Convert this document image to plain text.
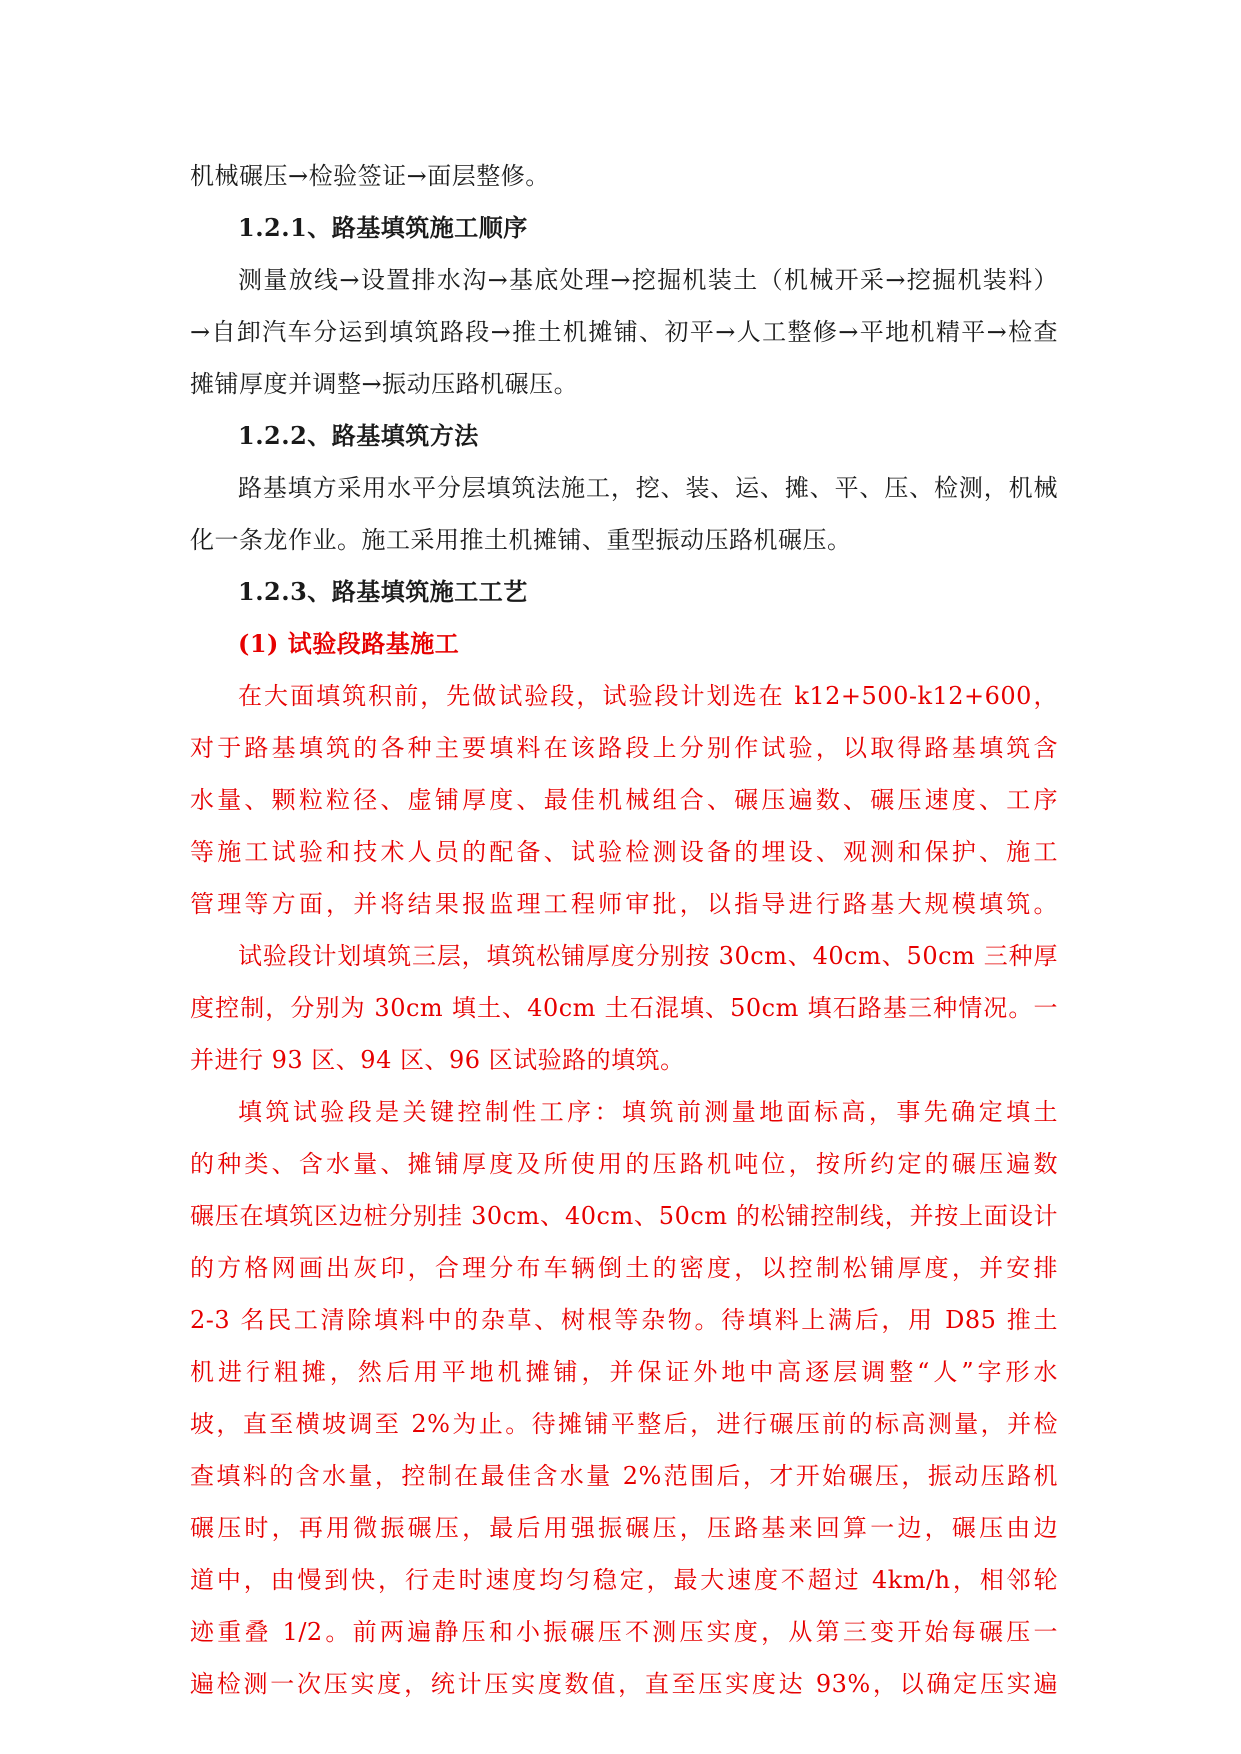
机械碾压→检验签证→面层整修。
1.2.1、路基填筑施工顺序
测量放线→设置排水沟→基底处理→挖掘机装土（机械开采→挖掘机装料）
→自卸汽车分运到填筑路段→推土机摊铺、初平→人工整修→平地机精平→检查
摊铺厚度并调整→振动压路机碾压。
1.2.2、路基填筑方法
路基填方采用水平分层填筑法施工，挖、装、运、摊、平、压、检测，机械
化一条龙作业。施工采用推土机摊铺、重型振动压路机碾压。
1.2.3、路基填筑施工工艺
(1) 试验段路基施工
在大面填筑积前，先做试验段，试验段计划选在 k12+500-k12+600，
对于路基填筑的各种主要填料在该路段上分别作试验，以取得路基填筑含
水量、颗粒粒径、虚铺厚度、最佳机械组合、碾压遍数、碾压速度、工序
等施工试验和技术人员的配备、试验检测设备的埋设、观测和保护、施工
管理等方面，并将结果报监理工程师审批，以指导进行路基大规模填筑。
试验段计划填筑三层，填筑松铺厚度分别按 30cm、40cm、50cm 三种厚
度控制，分别为 30cm 填土、40cm 土石混填、50cm 填石路基三种情况。一
并进行 93 区、94 区、96 区试验路的填筑。
填筑试验段是关键控制性工序：填筑前测量地面标高，事先确定填土
的种类、含水量、摊铺厚度及所使用的压路机吨位，按所约定的碾压遍数
碾压在填筑区边桩分别挂 30cm、40cm、50cm 的松铺控制线，并按上面设计
的方格网画出灰印，合理分布车辆倒土的密度，以控制松铺厚度，并安排
2-3 名民工清除填料中的杂草、树根等杂物。待填料上满后，用 D85 推土
机进行粗摊，然后用平地机摊铺，并保证外地中高逐层调整“人”字形水
坡，直至横坡调至 2%为止。待摊铺平整后，进行碾压前的标高测量，并检
查填料的含水量，控制在最佳含水量 2%范围后，才开始碾压，振动压路机
碾压时，再用微振碾压，最后用强振碾压，压路基来回算一边，碾压由边
道中，由慢到快，行走时速度均匀稳定，最大速度不超过 4km/h，相邻轮
迹重叠 1/2。前两遍静压和小振碾压不测压实度，从第三变开始每碾压一
遍检测一次压实度，统计压实度数值，直至压实度达 93%，以确定压实遍
